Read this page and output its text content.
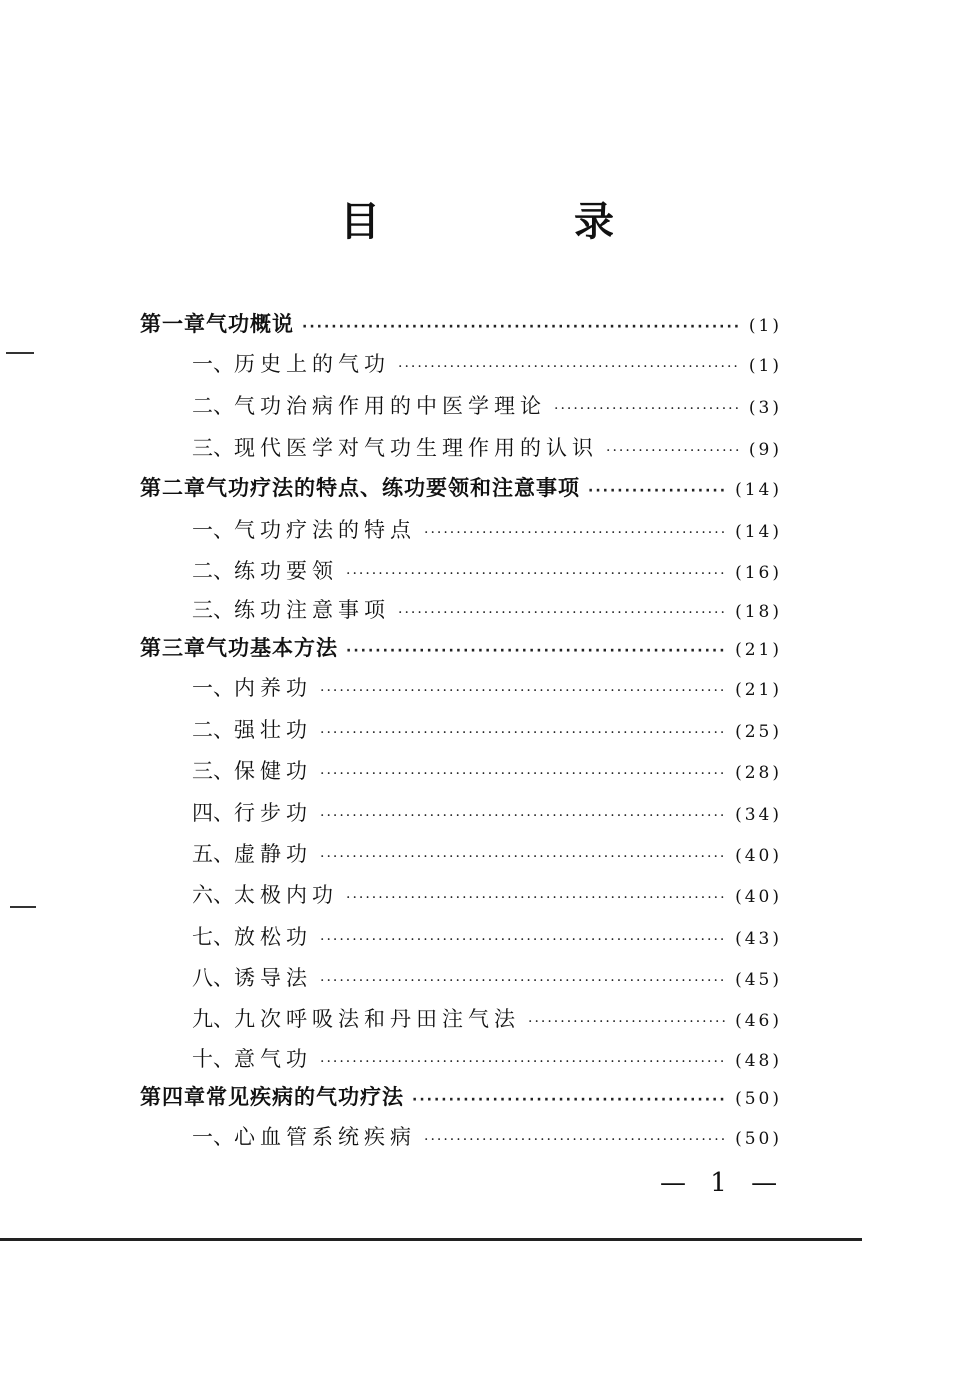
目 录
第一章 气功概说 ·····	(1)
一、 历史上的气功 ·····	(1)
二、 气功治病作用的中医学理论 ·····	(3)
三、 现代医学对气功生理作用的认识 ·····	(9)
第二章 气功疗法的特点、练功要领和注意事项 ·····	(14)
一、 气功疗法的特点 ·····	(14)
二、 练功要领 ·····	(16)
三、 练功注意事项 ·····	(18)
第三章 气功基本方法 ·····	(21)
一、 内养功 ·····	(21)
二、 强壮功 ·····	(25)
三、 保健功 ·····	(28)
四、 行步功 ·····	(34)
五、 虚静功 ·····	(40)
六、 太极内功 ·····	(40)
七、 放松功 ·····	(43)
八、 诱导法 ·····	(45)
九、 九次呼吸法和丹田注气法 ·····	(46)
十、 意气功 ·····	(48)
第四章 常见疾病的气功疗法 ·····	(50)
一、 心血管系统疾病 ·····	(50)
— 1 —
